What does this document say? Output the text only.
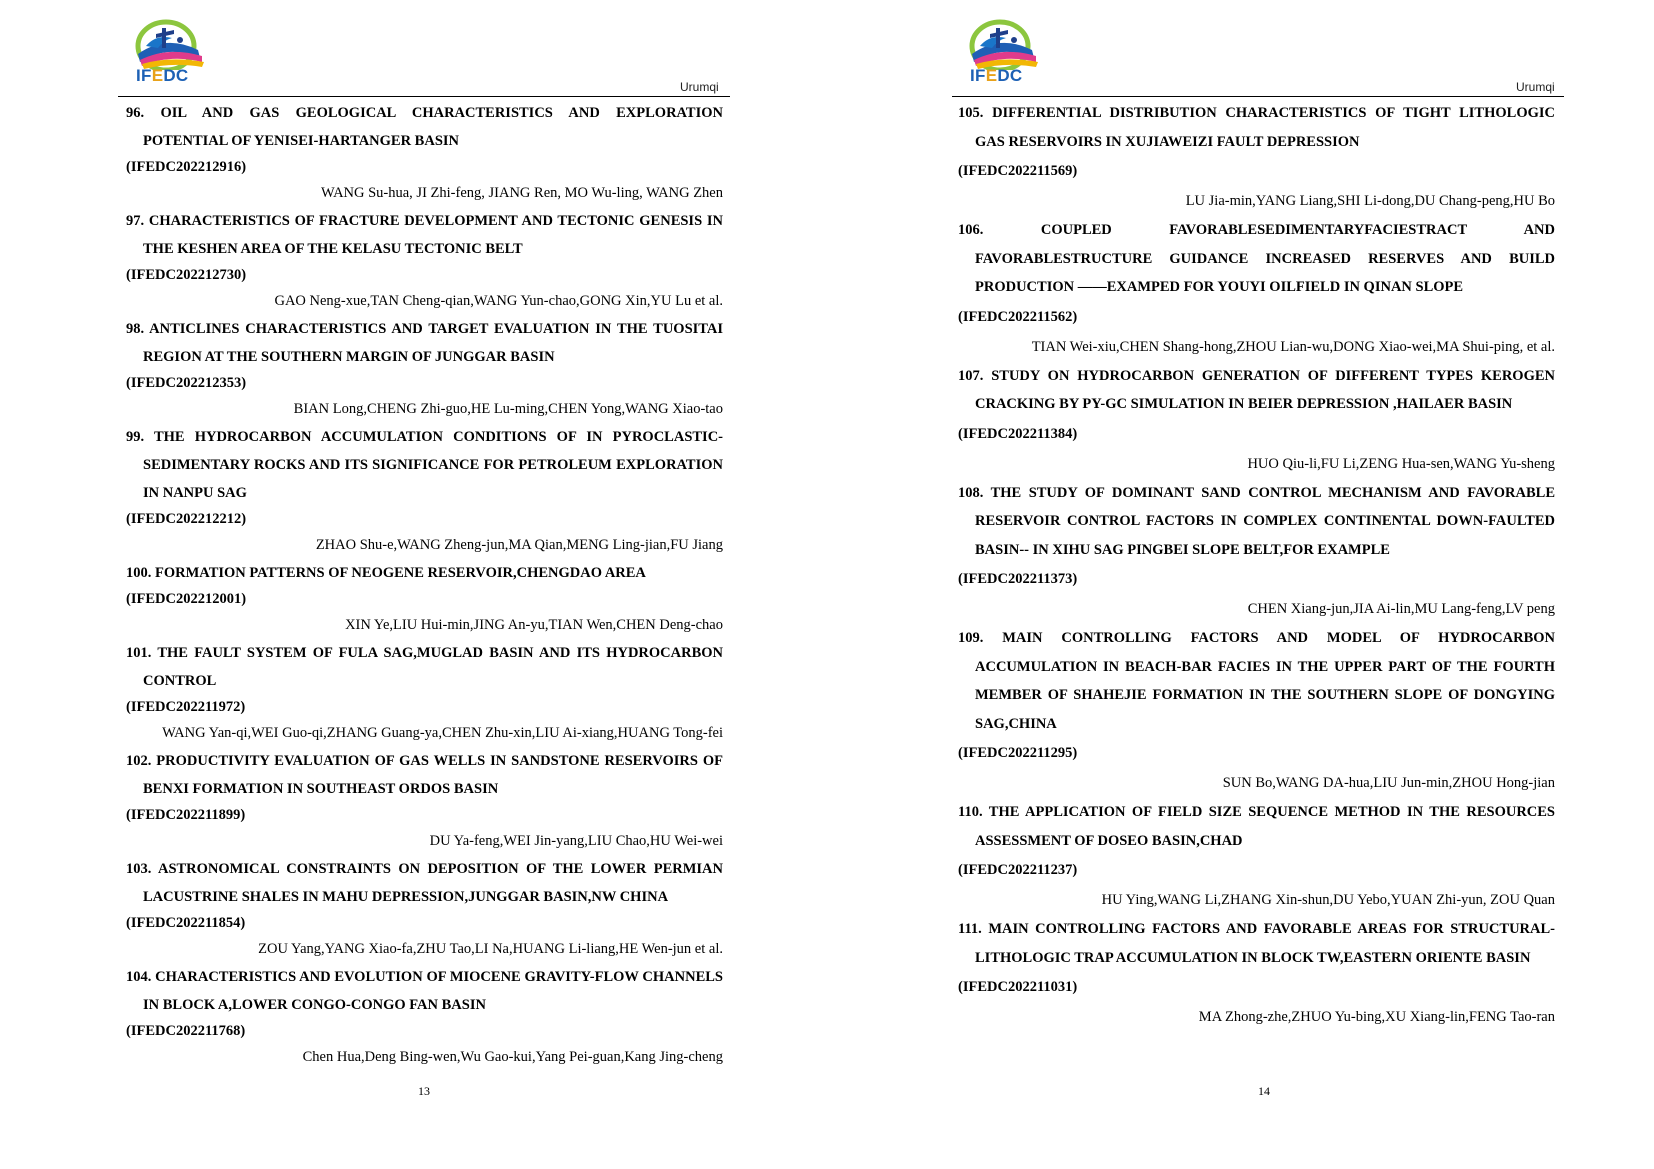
IFEDC
Urumqi

96. OIL AND GAS GEOLOGICAL CHARACTERISTICS AND EXPLORATION POTENTIAL OF YENISEI-HARTANGER BASIN

(IFEDC202212916)

WANG Su-hua, JI Zhi-feng, JIANG Ren, MO Wu-ling, WANG Zhen

97. CHARACTERISTICS OF FRACTURE DEVELOPMENT AND TECTONIC GENESIS IN THE KESHEN AREA OF THE KELASU TECTONIC BELT

(IFEDC202212730)

GAO Neng-xue,TAN Cheng-qian,WANG Yun-chao,GONG Xin,YU Lu et al.

98. ANTICLINES CHARACTERISTICS AND TARGET EVALUATION IN THE TUOSITAI REGION AT THE SOUTHERN MARGIN OF JUNGGAR BASIN

(IFEDC202212353)

BIAN Long,CHENG Zhi-guo,HE Lu-ming,CHEN Yong,WANG Xiao-tao

99. THE HYDROCARBON ACCUMULATION CONDITIONS OF IN PYROCLASTIC-SEDIMENTARY ROCKS AND ITS SIGNIFICANCE FOR PETROLEUM EXPLORATION IN NANPU SAG

(IFEDC202212212)

ZHAO Shu-e,WANG Zheng-jun,MA Qian,MENG Ling-jian,FU Jiang

100. FORMATION PATTERNS OF NEOGENE RESERVOIR,CHENGDAO AREA

(IFEDC202212001)

XIN Ye,LIU Hui-min,JING An-yu,TIAN Wen,CHEN Deng-chao

101. THE FAULT SYSTEM OF FULA SAG,MUGLAD BASIN AND ITS HYDROCARBON CONTROL

(IFEDC202211972)

WANG Yan-qi,WEI Guo-qi,ZHANG Guang-ya,CHEN Zhu-xin,LIU Ai-xiang,HUANG Tong-fei

102. PRODUCTIVITY EVALUATION OF GAS WELLS IN SANDSTONE RESERVOIRS OF BENXI FORMATION IN SOUTHEAST ORDOS BASIN

(IFEDC202211899)

DU Ya-feng,WEI Jin-yang,LIU Chao,HU Wei-wei

103. ASTRONOMICAL CONSTRAINTS ON DEPOSITION OF THE LOWER PERMIAN LACUSTRINE SHALES IN MAHU DEPRESSION,JUNGGAR BASIN,NW CHINA

(IFEDC202211854)

ZOU Yang,YANG Xiao-fa,ZHU Tao,LI Na,HUANG Li-liang,HE Wen-jun et al.

104. CHARACTERISTICS AND EVOLUTION OF MIOCENE GRAVITY-FLOW CHANNELS IN BLOCK A,LOWER CONGO-CONGO FAN BASIN

(IFEDC202211768)

Chen Hua,Deng Bing-wen,Wu Gao-kui,Yang Pei-guan,Kang Jing-cheng

13
IFEDC
Urumqi

105. DIFFERENTIAL DISTRIBUTION CHARACTERISTICS OF TIGHT LITHOLOGIC GAS RESERVOIRS IN XUJIAWEIZI FAULT DEPRESSION

(IFEDC202211569)

LU Jia-min,YANG Liang,SHI Li-dong,DU Chang-peng,HU Bo

106. COUPLED FAVORABLESEDIMENTARYFACIESTRACT AND FAVORABLESTRUCTURE GUIDANCE INCREASED RESERVES AND BUILD PRODUCTION ——EXAMPED FOR YOUYI OILFIELD IN QINAN SLOPE

(IFEDC202211562)

TIAN Wei-xiu,CHEN Shang-hong,ZHOU Lian-wu,DONG Xiao-wei,MA Shui-ping, et al.

107. STUDY ON HYDROCARBON GENERATION OF DIFFERENT TYPES KEROGEN CRACKING BY PY-GC SIMULATION IN BEIER DEPRESSION ,HAILAER BASIN

(IFEDC202211384)

HUO Qiu-li,FU Li,ZENG Hua-sen,WANG Yu-sheng

108. THE STUDY OF DOMINANT SAND CONTROL MECHANISM AND FAVORABLE RESERVOIR CONTROL FACTORS IN COMPLEX CONTINENTAL DOWN-FAULTED BASIN-- IN XIHU SAG PINGBEI SLOPE BELT,FOR EXAMPLE

(IFEDC202211373)

CHEN Xiang-jun,JIA Ai-lin,MU Lang-feng,LV peng

109. MAIN CONTROLLING FACTORS AND MODEL OF HYDROCARBON ACCUMULATION IN BEACH-BAR FACIES IN THE UPPER PART OF THE FOURTH MEMBER OF SHAHEJIE FORMATION IN THE SOUTHERN SLOPE OF DONGYING SAG,CHINA

(IFEDC202211295)

SUN Bo,WANG DA-hua,LIU Jun-min,ZHOU Hong-jian

110. THE APPLICATION OF FIELD SIZE SEQUENCE METHOD IN THE RESOURCES ASSESSMENT OF DOSEO BASIN,CHAD

(IFEDC202211237)

HU Ying,WANG Li,ZHANG Xin-shun,DU Yebo,YUAN Zhi-yun, ZOU Quan

111. MAIN CONTROLLING FACTORS AND FAVORABLE AREAS FOR STRUCTURAL-LITHOLOGIC TRAP ACCUMULATION IN BLOCK TW,EASTERN ORIENTE BASIN

(IFEDC202211031)

MA Zhong-zhe,ZHUO Yu-bing,XU Xiang-lin,FENG Tao-ran

14
